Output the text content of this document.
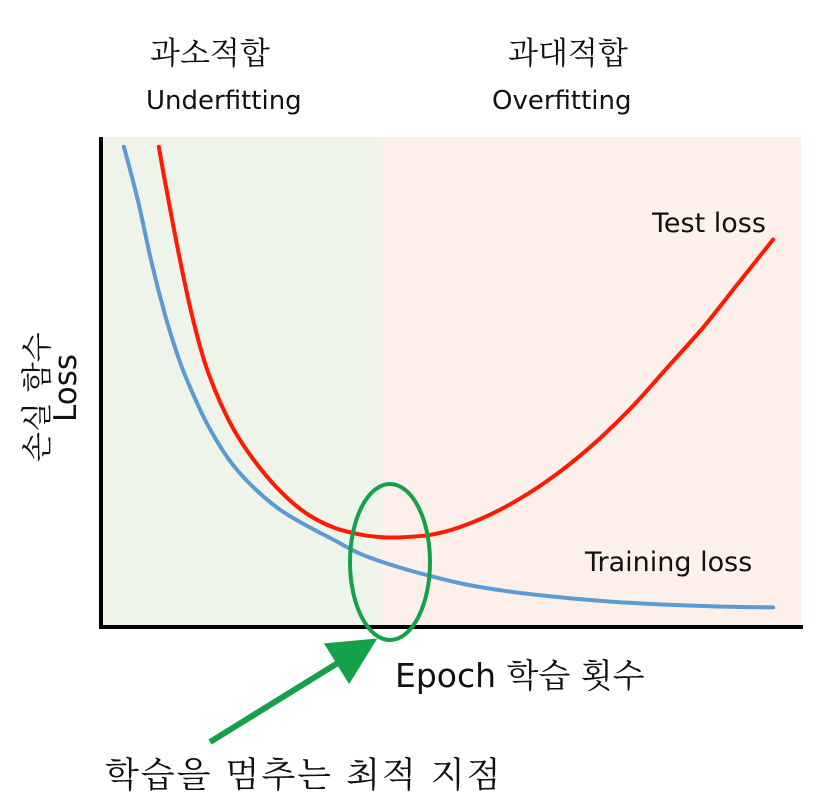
과소적합
Underfitting
과대적합
Overfitting
Test loss
Training loss
손실 함수
Loss
Epoch 학습 횟수
학습을 멈추는 최적 지점
